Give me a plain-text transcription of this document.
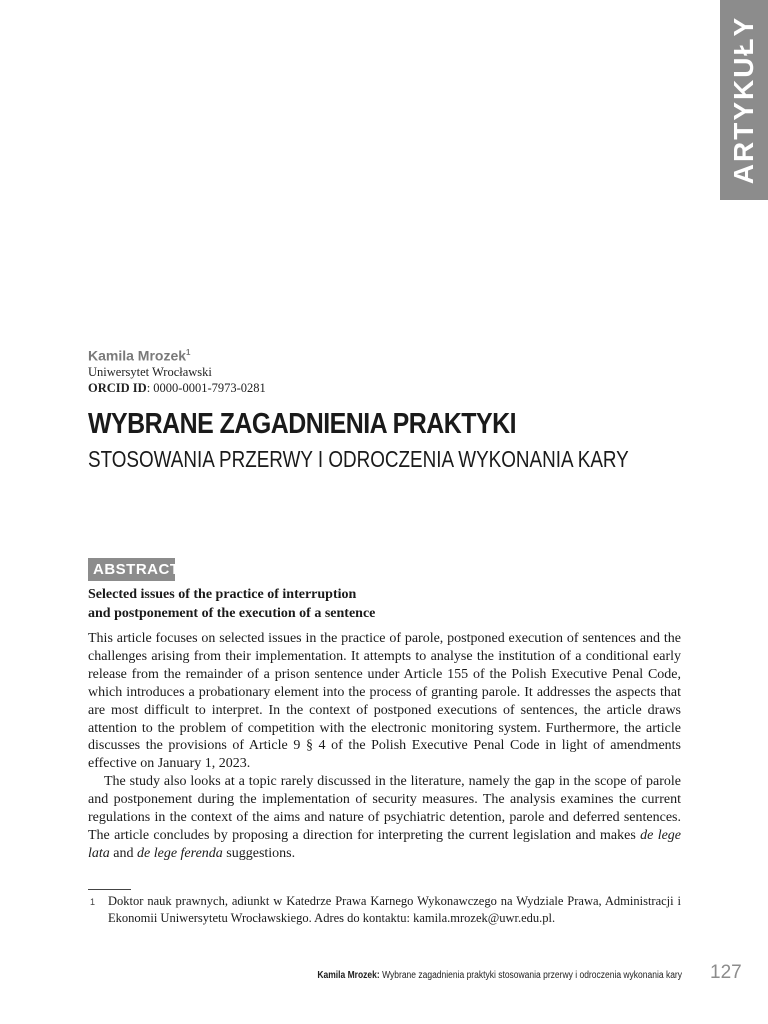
ARTYKUŁY
Kamila Mrozek$^1$
Uniwersytet Wrocławski
ORCID ID: 0000-0001-7973-0281
WYBRANE ZAGADNIENIA PRAKTYKI
STOSOWANIA PRZERWY I ODROCZENIA WYKONANIA KARY
ABSTRACT
Selected issues of the practice of interruption
and postponement of the execution of a sentence

This article focuses on selected issues in the practice of parole, postponed execution of sentences and the challenges arising from their implementation. It attempts to analyse the institution of a conditional early release from the remainder of a prison sentence under Article 155 of the Polish Executive Penal Code, which introduces a probationary element into the process of granting parole. It addresses the aspects that are most difficult to interpret. In the context of postponed executions of sentences, the article draws attention to the problem of competition with the electronic monitoring system. Furthermore, the article discusses the provisions of Article 9 § 4 of the Polish Executive Penal Code in light of amendments effective on January 1, 2023.

The study also looks at a topic rarely discussed in the literature, namely the gap in the scope of parole and postponement during the implementation of security measures. The analysis examines the current regulations in the context of the aims and nature of psychiatric detention, parole and deferred sentences. The article concludes by proposing a direction for interpreting the current legislation and makes de lege lata and de lege ferenda suggestions.

1 Doktor nauk prawnych, adiunkt w Katedrze Prawa Karnego Wykonawczego na Wydziale Prawa, Administracji i Ekonomii Uniwersytetu Wrocławskiego. Adres do kontaktu: kamila.mrozek@uwr.edu.pl.
Kamila Mrozek: Wybrane zagadnienia praktyki stosowania przerwy i odroczenia wykonania kary 127
